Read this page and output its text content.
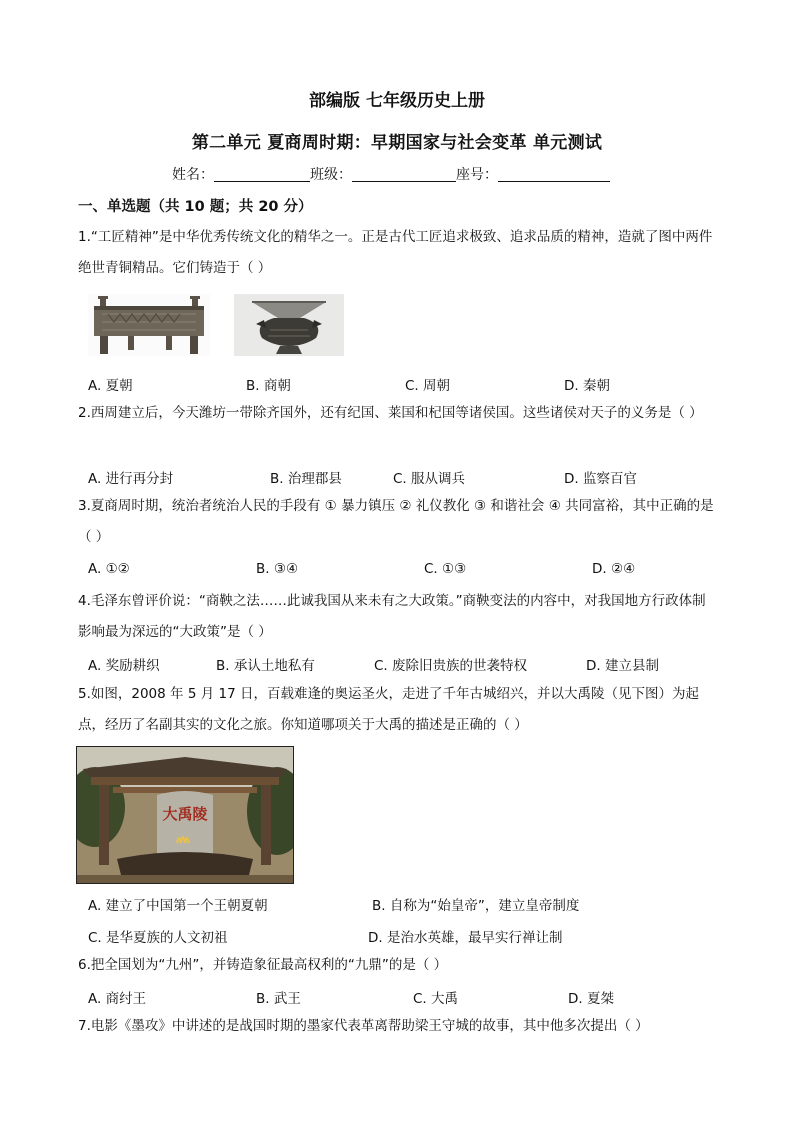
部编版 七年级历史上册
第二单元 夏商周时期：早期国家与社会变革 单元测试
姓名：	班级：	座号：
一、单选题（共 10 题；共 20 分）
1.“工匠精神”是中华优秀传统文化的精华之一。正是古代工匠追求极致、追求品质的精神，造就了图中两件绝世青铜精品。它们铸造于（ ）
A. 夏朝	B. 商朝	C. 周朝	D. 秦朝
2.西周建立后，今天潍坊一带除齐国外，还有纪国、莱国和杞国等诸侯国。这些诸侯对天子的义务是（ ）
A. 进行再分封	B. 治理郡县	C. 服从调兵	D. 监察百官
3.夏商周时期，统治者统治人民的手段有 ① 暴力镇压 ② 礼仪教化 ③ 和谐社会 ④ 共同富裕，其中正确的是（ ）
A. ①②	B. ③④	C. ①③	D. ②④
4.毛泽东曾评价说：“商鞅之法……此诚我国从来未有之大政策。”商鞅变法的内容中，对我国地方行政体制影响最为深远的“大政策”是（ ）
A. 奖励耕织	B. 承认土地私有	C. 废除旧贵族的世袭特权	D. 建立县制
5.如图，2008 年 5 月 17 日，百载难逢的奥运圣火，走进了千年古城绍兴，并以大禹陵（见下图）为起点，经历了名副其实的文化之旅。你知道哪项关于大禹的描述是正确的（ ）
大禹陵
A. 建立了中国第一个王朝夏朝	B. 自称为“始皇帝”，建立皇帝制度
C. 是华夏族的人文初祖	D. 是治水英雄，最早实行禅让制
6.把全国划为“九州”，并铸造象征最高权利的“九鼎”的是（ ）
A. 商纣王	B. 武王	C. 大禹	D. 夏桀
7.电影《墨攻》中讲述的是战国时期的墨家代表革离帮助梁王守城的故事，其中他多次提出（ ）
